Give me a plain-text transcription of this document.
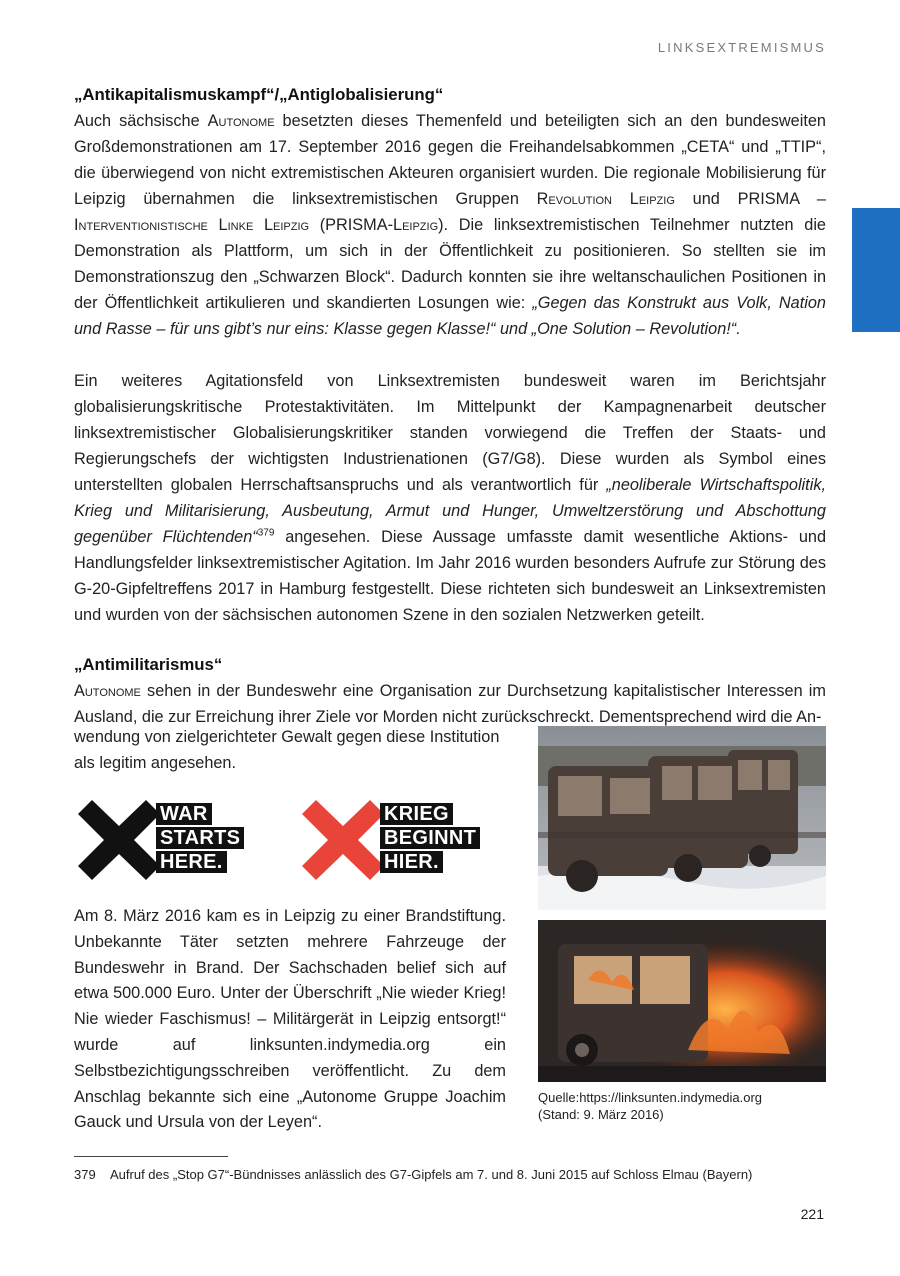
LINKSEXTREMISMUS
„Antikapitalismuskampf“/„Antiglobalisierung“

Auch sächsische Autonome besetzten dieses Themenfeld und beteiligten sich an den bundesweiten Großdemonstrationen am 17. September 2016 gegen die Freihandelsabkommen „CETA“ und „TTIP“, die überwiegend von nicht extremistischen Akteuren organisiert wurden. Die regionale Mobilisierung für Leipzig übernahmen die linksextremistischen Gruppen Revolution Leipzig und PRISMA – Interventionistische Linke Leipzig (PRISMA-Leipzig). Die linksextremistischen Teilnehmer nutzten die Demonstration als Plattform, um sich in der Öffentlichkeit zu positionieren. So stellten sie im Demonstrationszug den „Schwarzen Block“. Dadurch konnten sie ihre weltanschaulichen Positionen in der Öffentlichkeit artikulieren und skandierten Losungen wie: „Gegen das Konstrukt aus Volk, Nation und Rasse – für uns gibt’s nur eins: Klasse gegen Klasse!“ und „One Solution – Revolution!“.

Ein weiteres Agitationsfeld von Linksextremisten bundesweit waren im Berichtsjahr globalisierungskritische Protestaktivitäten. Im Mittelpunkt der Kampagnenarbeit deutscher linksextremistischer Globalisierungskritiker standen vorwiegend die Treffen der Staats- und Regierungschefs der wichtigsten Industrienationen (G7/G8). Diese wurden als Symbol eines unterstellten globalen Herrschaftsanspruchs und als verantwortlich für „neoliberale Wirtschaftspolitik, Krieg und Militarisierung, Ausbeutung, Armut und Hunger, Umweltzerstörung und Abschottung gegenüber Flüchtenden“$^{379}$ angesehen. Diese Aussage umfasste damit wesentliche Aktions- und Handlungsfelder linksextremistischer Agitation. Im Jahr 2016 wurden besonders Aufrufe zur Störung des G-20-Gipfeltreffens 2017 in Hamburg festgestellt. Diese richteten sich bundesweit an Linksextremisten und wurden von der sächsischen autonomen Szene in den sozialen Netzwerken geteilt.

„Antimilitarismus“

Autonome sehen in der Bundeswehr eine Organisation zur Durchsetzung kapitalistischer Interessen im Ausland, die zur Erreichung ihrer Ziele vor Morden nicht zurückschreckt. Dementsprechend wird die An-

wendung von zielgerichteter Gewalt gegen diese Institution als legitim angesehen.

WAR
STARTS
HERE.
KRIEG
BEGINNT
HIER.

Am 8. März 2016 kam es in Leipzig zu einer Brandstiftung. Unbekannte Täter setzten mehrere Fahrzeuge der Bundeswehr in Brand. Der Sachschaden belief sich auf etwa 500.000 Euro. Unter der Überschrift „Nie wieder Krieg! Nie wieder Faschismus! – Militärgerät in Leipzig entsorgt!“ wurde auf linksunten.indymedia.org ein Selbstbezichtigungsschreiben veröffentlicht. Zu dem Anschlag bekannte sich eine „Autonome Gruppe Joachim Gauck und Ursula von der Leyen“.

Quelle:https://linksunten.indymedia.org
(Stand: 9. März 2016)
379 Aufruf des „Stop G7“-Bündnisses anlässlich des G7-Gipfels am 7. und 8. Juni 2015 auf Schloss Elmau (Bayern)
221
